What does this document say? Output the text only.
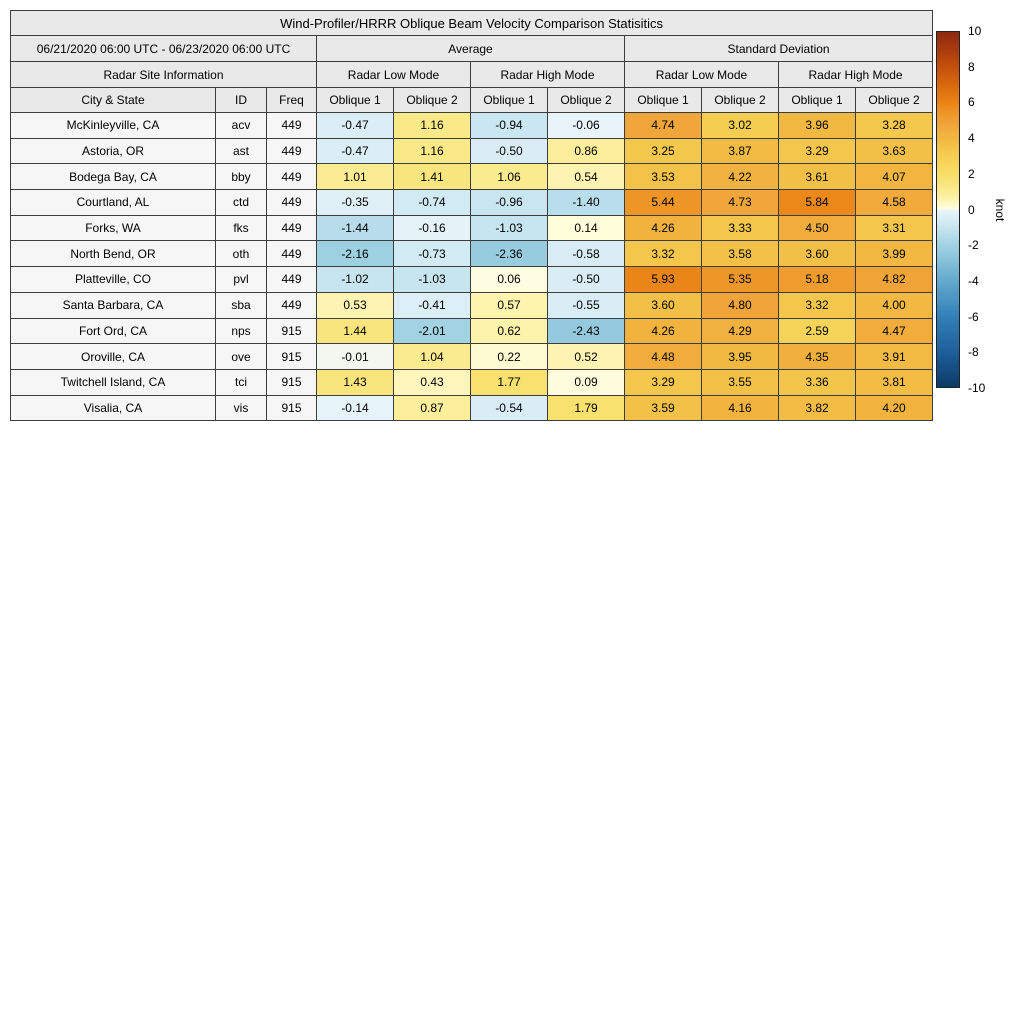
Wind-Profiler/HRRR Oblique Beam Velocity Comparison Statisitics										
06/21/2020 06:00 UTC - 06/23/2020 06:00 UTC			Average				Standard Deviation			
Radar Site Information			Radar Low Mode		Radar High Mode		Radar Low Mode		Radar High Mode	
City & State	ID	Freq	Oblique 1	Oblique 2	Oblique 1	Oblique 2	Oblique 1	Oblique 2	Oblique 1	Oblique 2
McKinleyville, CA	acv	449	-0.47	1.16	-0.94	-0.06	4.74	3.02	3.96	3.28
Astoria, OR	ast	449	-0.47	1.16	-0.50	0.86	3.25	3.87	3.29	3.63
Bodega Bay, CA	bby	449	1.01	1.41	1.06	0.54	3.53	4.22	3.61	4.07
Courtland, AL	ctd	449	-0.35	-0.74	-0.96	-1.40	5.44	4.73	5.84	4.58
Forks, WA	fks	449	-1.44	-0.16	-1.03	0.14	4.26	3.33	4.50	3.31
North Bend, OR	oth	449	-2.16	-0.73	-2.36	-0.58	3.32	3.58	3.60	3.99
Platteville, CO	pvl	449	-1.02	-1.03	0.06	-0.50	5.93	5.35	5.18	4.82
Santa Barbara, CA	sba	449	0.53	-0.41	0.57	-0.55	3.60	4.80	3.32	4.00
Fort Ord, CA	nps	915	1.44	-2.01	0.62	-2.43	4.26	4.29	2.59	4.47
Oroville, CA	ove	915	-0.01	1.04	0.22	0.52	4.48	3.95	4.35	3.91
Twitchell Island, CA	tci	915	1.43	0.43	1.77	0.09	3.29	3.55	3.36	3.81
Visalia, CA	vis	915	-0.14	0.87	-0.54	1.79	3.59	4.16	3.82	4.20
10
8
6
4
2
0
-2
-4
-6
-8
-10
knot
